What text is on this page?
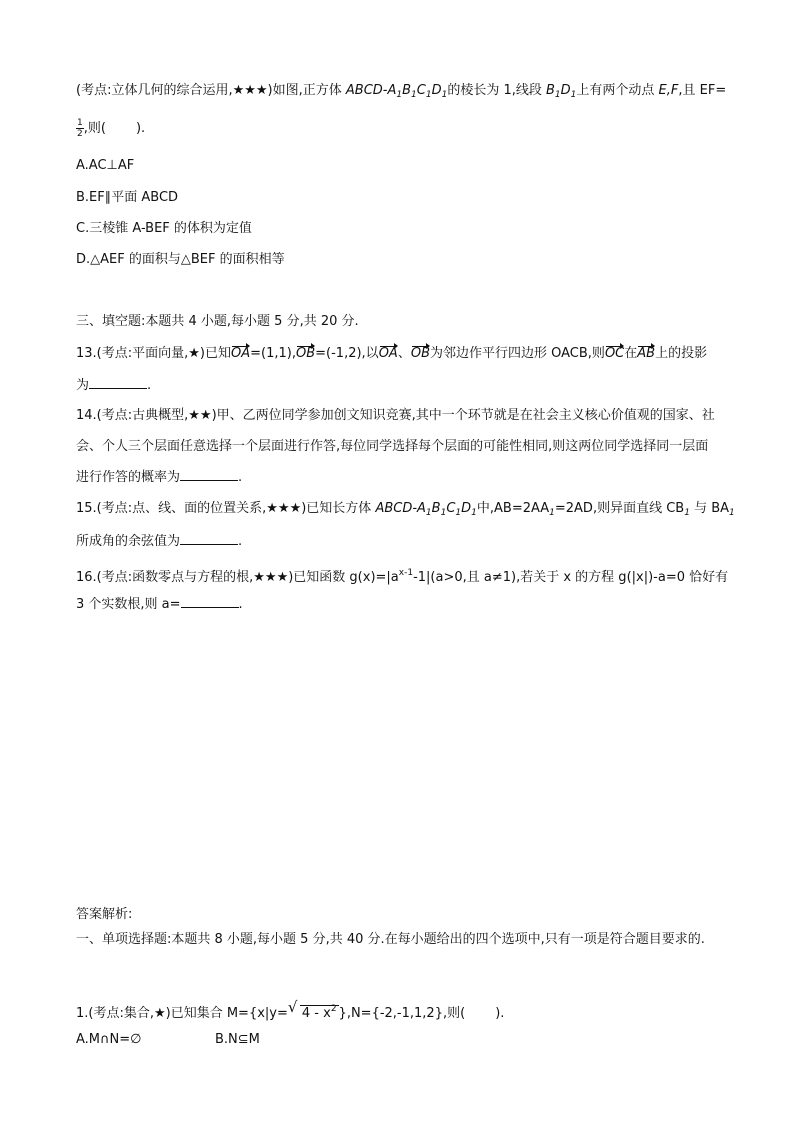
(考点:立体几何的综合运用,★★★)如图,正方体 ABCD-$A_1B_1C_1D_1$的棱长为 1,线段 $B_1D_1$上有两个动点 E,F,且 EF=
$\frac{1}{2}$ ,则( ).
A.AC⊥AF
B.EF∥平面 ABCD
C.三棱锥 A-BEF 的体积为定值
D.△AEF 的面积与△BEF 的面积相等
三、填空题:本题共 4 小题,每小题 5 分,共 20 分.
13.(考点:平面向量,★)已知OA=(1,1),OB=(-1,2),以OA、OB为邻边作平行四边形 OACB,则OC在AB上的投影
为	.
14.(考点:古典概型,★★)甲、乙两位同学参加创文知识竞赛,其中一个环节就是在社会主义核心价值观的国家、社会、个人三个层面任意选择一个层面进行作答,每位同学选择每个层面的可能性相同,则这两位同学选择同一层面进行作答的概率为	.
15.(考点:点、线、面的位置关系,★★★)已知长方体 ABCD-$A_1B_1C_1D_1$中$,AB=2AA_1=2AD$,则异面直线 $CB_1$ 与 $BA_1$
所成角的余弦值为	.
16.(考点:函数零点与方程的根,★★★)已知函数 $g(x)=|a^{x-1}-1|(a>0$,且 a≠1),若关于 x 的方程 g(|x|)-a=0 恰好有
3 个实数根,则 a=	.
答案解析:
一、单项选择题:本题共 8 小题,每小题 5 分,共 40 分.在每小题给出的四个选项中,只有一项是符合题目要求的.
1.(考点:集合,★)已知集合 M={x|y=√ $4 - x^2$ },N={-2,-1,1,2},则( ).
A.M∩N=∅	B.N⊆M
